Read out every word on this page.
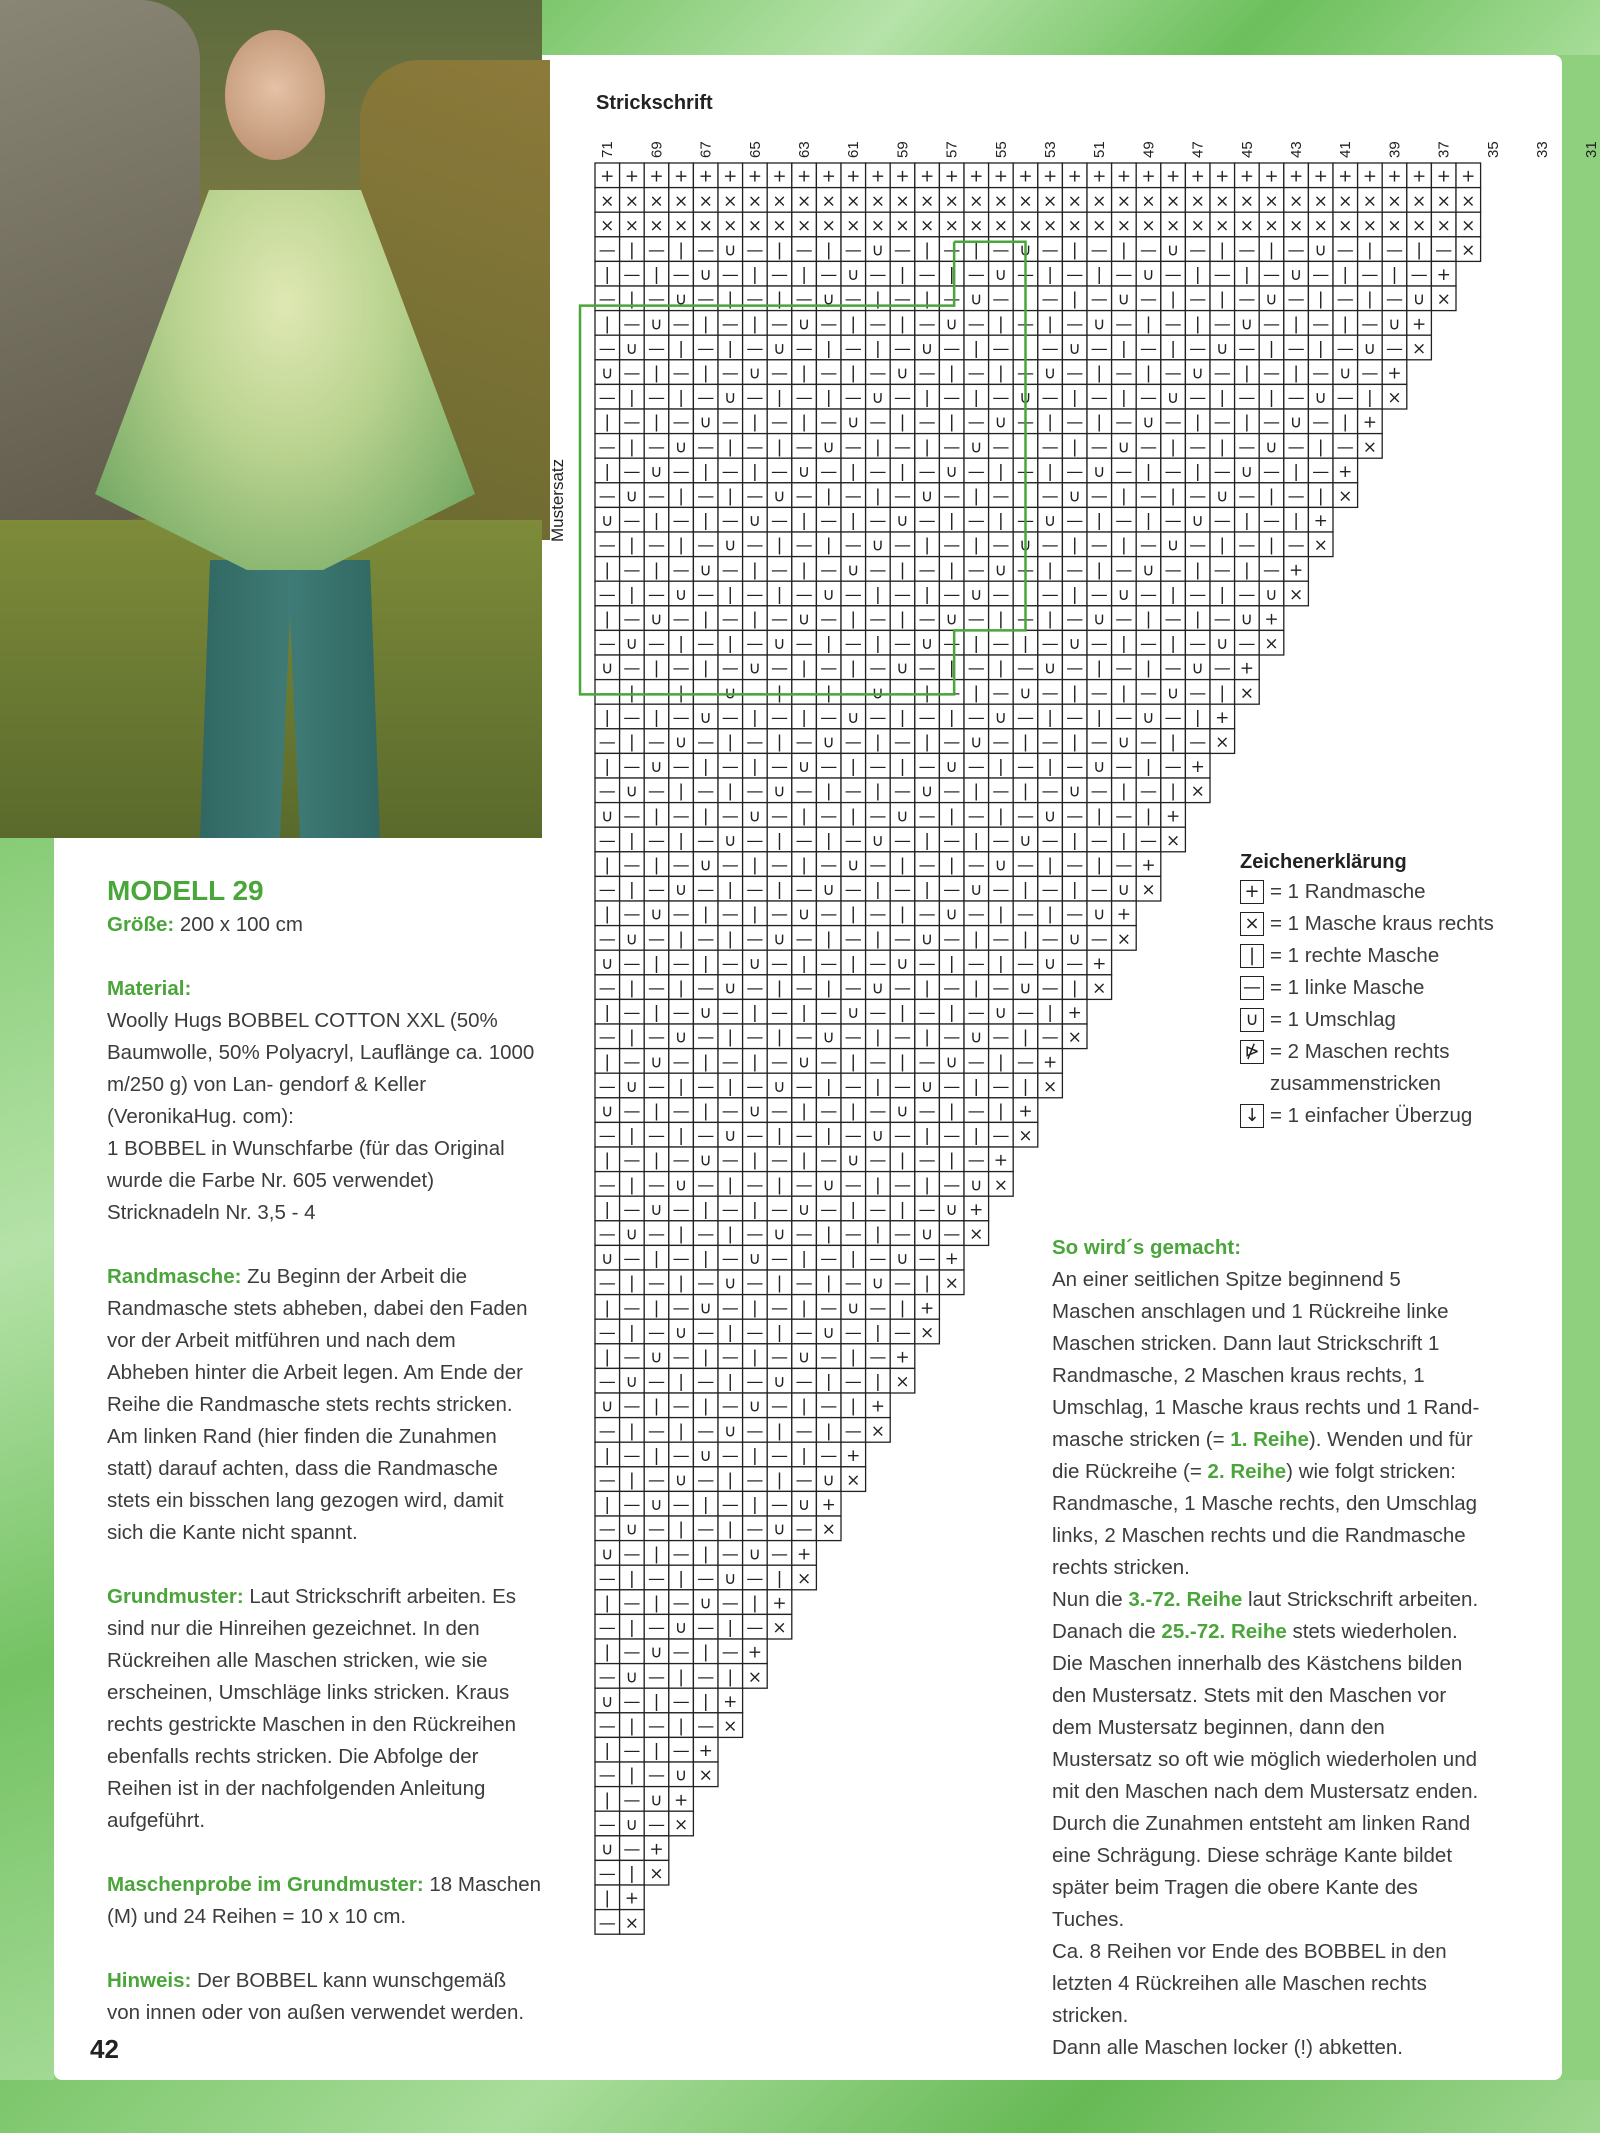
Strickschrift
Mustersatz
71 69 67 65 63 61 59 57 55 53 51 49 47 45 43 41 39 37 35 33 31
+ + + + + + + + + + + + + + + + + + + + + + + + + + + + + + + + + + + +
× × × × × × × × × × × × × × × × × × × × × × × × × × × × × × × × × × × ×
× × × × × × × × × × × × × × × × × × × × × × × × × × × × × × × × × × × ×
— | — | — ∪ — | — | — ∪ — | — | — ∪ — | — | — ∪ — | — | — ∪ — | — | — ×
| — | — ∪ — | — | — ∪ — | — | — ∪ — | — | — ∪ — | — | — ∪ — | — | — +
— | — ∪ — | — | — ∪ — | — | — ∪ — | — | — ∪ — | — | — ∪ — | — | — ∪ ×
| — ∪ — | — | — ∪ — | — | — ∪ — | — | — ∪ — | — | — ∪ — | — | — ∪ +
— ∪ — | — | — ∪ — | — | — ∪ — | — | — ∪ — | — | — ∪ — | — | — ∪ — ×
∪ — | — | — ∪ — | — | — ∪ — | — | — ∪ — | — | — ∪ — | — | — ∪ — +
— | — | — ∪ — | — | — ∪ — | — | — ∪ — | — | — ∪ — | — | — ∪ — | ×
| — | — ∪ — | — | — ∪ — | — | — ∪ — | — | — ∪ — | — | — ∪ — | +
— | — ∪ — | — | — ∪ — | — | — ∪ — | — | — ∪ — | — | — ∪ — | — ×
| — ∪ — | — | — ∪ — | — | — ∪ — | — | — ∪ — | — | — ∪ — | — +
— ∪ — | — | — ∪ — | — | — ∪ — | — | — ∪ — | — | — ∪ — | — | ×
∪ — | — | — ∪ — | — | — ∪ — | — | — ∪ — | — | — ∪ — | — | +
— | — | — ∪ — | — | — ∪ — | — | — ∪ — | — | — ∪ — | — | — ×
| — | — ∪ — | — | — ∪ — | — | — ∪ — | — | — ∪ — | — | — +
— | — ∪ — | — | — ∪ — | — | — ∪ — | — | — ∪ — | — | — ∪ ×
| — ∪ — | — | — ∪ — | — | — ∪ — | — | — ∪ — | — | — ∪ +
— ∪ — | — | — ∪ — | — | — ∪ — | — | — ∪ — | — | — ∪ — ×
∪ — | — | — ∪ — | — | — ∪ — | — | — ∪ — | — | — ∪ — +
— | — | — ∪ — | — | — ∪ — | — | — ∪ — | — | — ∪ — | ×
| — | — ∪ — | — | — ∪ — | — | — ∪ — | — | — ∪ — | +
— | — ∪ — | — | — ∪ — | — | — ∪ — | — | — ∪ — | — ×
| — ∪ — | — | — ∪ — | — | — ∪ — | — | — ∪ — | — +
— ∪ — | — | — ∪ — | — | — ∪ — | — | — ∪ — | — | ×
∪ — | — | — ∪ — | — | — ∪ — | — | — ∪ — | — | +
— | — | — ∪ — | — | — ∪ — | — | — ∪ — | — | — ×
| — | — ∪ — | — | — ∪ — | — | — ∪ — | — | — +
— | — ∪ — | — | — ∪ — | — | — ∪ — | — | — ∪ ×
| — ∪ — | — | — ∪ — | — | — ∪ — | — | — ∪ +
— ∪ — | — | — ∪ — | — | — ∪ — | — | — ∪ — ×
∪ — | — | — ∪ — | — | — ∪ — | — | — ∪ — +
— | — | — ∪ — | — | — ∪ — | — | — ∪ — | ×
| — | — ∪ — | — | — ∪ — | — | — ∪ — | +
— | — ∪ — | — | — ∪ — | — | — ∪ — | — ×
| — ∪ — | — | — ∪ — | — | — ∪ — | — +
— ∪ — | — | — ∪ — | — | — ∪ — | — | ×
∪ — | — | — ∪ — | — | — ∪ — | — | +
— | — | — ∪ — | — | — ∪ — | — | — ×
| — | — ∪ — | — | — ∪ — | — | — +
— | — ∪ — | — | — ∪ — | — | — ∪ ×
| — ∪ — | — | — ∪ — | — | — ∪ +
— ∪ — | — | — ∪ — | — | — ∪ — ×
∪ — | — | — ∪ — | — | — ∪ — +
— | — | — ∪ — | — | — ∪ — | ×
| — | — ∪ — | — | — ∪ — | +
— | — ∪ — | — | — ∪ — | — ×
| — ∪ — | — | — ∪ — | — +
— ∪ — | — | — ∪ — | — | ×
∪ — | — | — ∪ — | — | +
— | — | — ∪ — | — | — ×
| — | — ∪ — | — | — +
— | — ∪ — | — | — ∪ ×
| — ∪ — | — | — ∪ +
— ∪ — | — | — ∪ — ×
∪ — | — | — ∪ — +
— | — | — ∪ — | ×
| — | — ∪ — | +
— | — ∪ — | — ×
| — ∪ — | — +
— ∪ — | — | ×
∪ — | — | +
— | — | — ×
| — | — +
— | — ∪ ×
| — ∪ +
— ∪ — ×
∪ — +
— | ×
| +
— ×
Zeichenerklärung
+ = 1 Randmasche
× = 1 Masche kraus rechts
| = 1 rechte Masche
— = 1 linke Masche
∪ = 1 Umschlag
⋫ = 2 Maschen rechts zusammenstricken
↓ = 1 einfacher Überzug

MODELL 29

Größe: 200 x 100 cm

Material:

Woolly Hugs BOBBEL COTTON XXL (50% Baumwolle, 50% Polyacryl, Lauflänge ca. 1000 m/250 g) von Lan- gendorf & Keller (VeronikaHug. com):

1 BOBBEL in Wunschfarbe (für das Original wurde die Farbe Nr. 605 verwendet)

Stricknadeln Nr. 3,5 - 4

Randmasche: Zu Beginn der Arbeit die Randmasche stets abheben, dabei den Faden vor der Arbeit mitführen und nach dem Abheben hinter die Arbeit legen. Am Ende der Reihe die Randmasche stets rechts stricken.

Am linken Rand (hier finden die Zunahmen statt) darauf achten, dass die Randmasche stets ein bisschen lang gezogen wird, damit sich die Kante nicht spannt.

Grundmuster: Laut Strickschrift arbeiten. Es sind nur die Hinreihen gezeichnet. In den Rückreihen alle Maschen stricken, wie sie erscheinen, Umschläge links stricken. Kraus rechts gestrickte Maschen in den Rückreihen ebenfalls rechts stricken. Die Abfolge der Reihen ist in der nachfolgenden Anleitung aufgeführt.

Maschenprobe im Grundmuster: 18 Maschen (M) und 24 Reihen = 10 x 10 cm.

Hinweis: Der BOBBEL kann wunschgemäß von innen oder von außen verwendet werden.

So wird´s gemacht:

An einer seitlichen Spitze beginnend 5 Maschen anschlagen und 1 Rückreihe linke Maschen stricken. Dann laut Strickschrift 1 Randmasche, 2 Maschen kraus rechts, 1 Umschlag, 1 Masche kraus rechts und 1 Rand- masche stricken (= 1. Reihe). Wenden und für die Rückreihe (= 2. Reihe) wie folgt stricken: Randmasche, 1 Masche rechts, den Umschlag links, 2 Maschen rechts und die Randmasche rechts stricken.

Nun die 3.-72. Reihe laut Strickschrift arbeiten. Danach die 25.-72. Reihe stets wiederholen. Die Maschen innerhalb des Kästchens bilden den Mustersatz. Stets mit den Maschen vor dem Mustersatz beginnen, dann den Mustersatz so oft wie möglich wiederholen und mit den Maschen nach dem Mustersatz enden.

Durch die Zunahmen entsteht am linken Rand eine Schrägung. Diese schräge Kante bildet später beim Tragen die obere Kante des Tuches.

Ca. 8 Reihen vor Ende des BOBBEL in den letzten 4 Rückreihen alle Maschen rechts stricken.

Dann alle Maschen locker (!) abketten.

42
